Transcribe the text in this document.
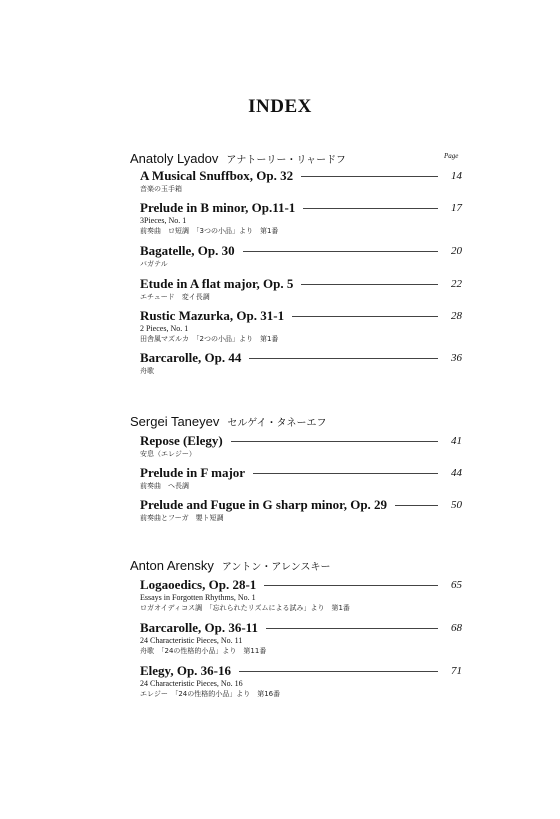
INDEX
Anatoly Lyadov アナトーリー・リャードフ	Page
A Musical Snuffbox, Op. 32	14
音楽の玉手箱
Prelude in B minor, Op.11-1	17
3Pieces, No. 1
前奏曲　ロ短調　「3つの小品」より　第1番
Bagatelle, Op. 30	20
バガテル
Etude in A flat major, Op. 5	22
エチュード　変イ長調
Rustic Mazurka, Op. 31-1	28
2 Pieces, No. 1
田舎風マズルカ　「2つの小品」より　第1番
Barcarolle, Op. 44	36
舟歌
Sergei Taneyev セルゲイ・タネーエフ
Repose (Elegy)	41
安息（エレジー）
Prelude in F major	44
前奏曲　へ長調
Prelude and Fugue in G sharp minor, Op. 29	50
前奏曲とフーガ　嬰ト短調
Anton Arensky アントン・アレンスキー
Logaoedics, Op. 28-1	65
Essays in Forgotten Rhythms, No. 1
ロガオイディコス調　「忘れられたリズムによる試み」より　第1番
Barcarolle, Op. 36-11	68
24 Characteristic Pieces, No. 11
舟歌　「24の性格的小品」より　第11番
Elegy, Op. 36-16	71
24 Characteristic Pieces, No. 16
エレジー　「24の性格的小品」より　第16番
